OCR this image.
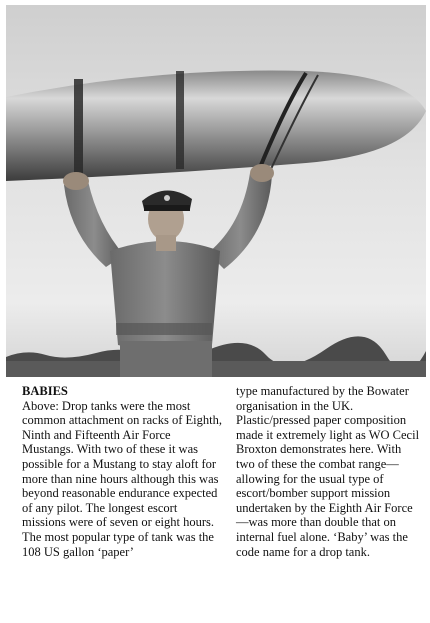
BABIES

Above: Drop tanks were the most common attachment on racks of Eighth, Ninth and Fifteenth Air Force Mustangs. With two of these it was possible for a Mustang to stay aloft for more than nine hours although this was beyond reasonable endurance expected of any pilot. The longest escort missions were of seven or eight hours. The most popular type of tank was the 108 US gallon ‘paper’

type manufactured by the Bowater organisation in the UK. Plastic/pressed paper composition made it extremely light as WO Cecil Broxton demonstrates here. With two of these the combat range—allowing for the usual type of escort/bomber support mission undertaken by the Eighth Air Force—was more than double that on internal fuel alone. ‘Baby’ was the code name for a drop tank.
